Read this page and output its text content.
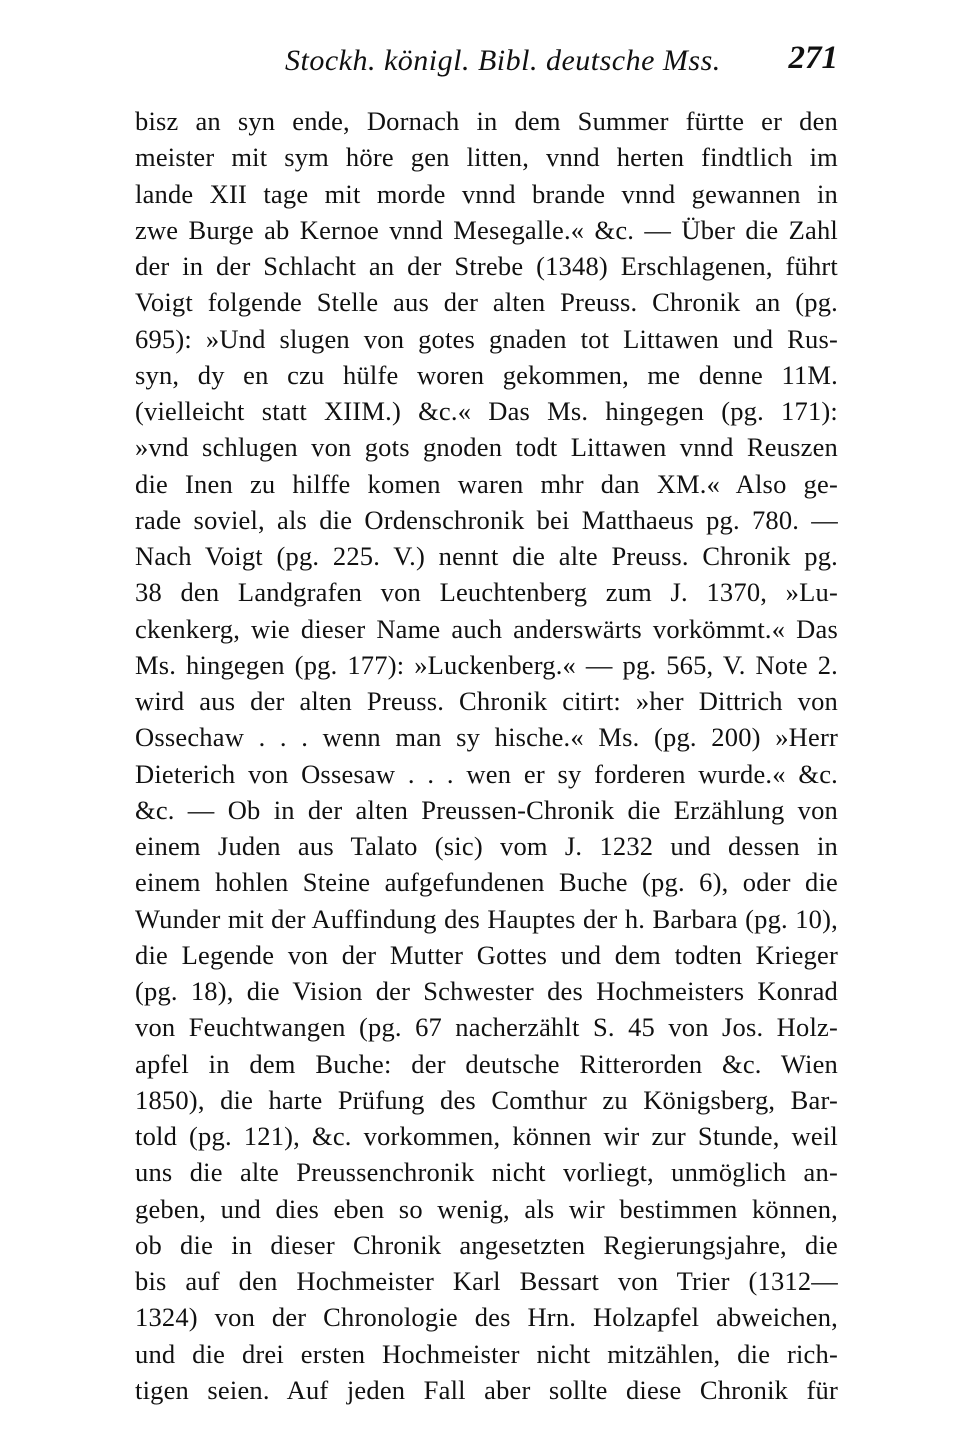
Stockh. königl. Bibl. deutsche Mss. 271
bisz an syn ende, Dornach in dem Summer fürtte er den
meister mit sym höre gen litten, vnnd herten findtlich im
lande XII tage mit morde vnnd brande vnnd gewannen in
zwe Burge ab Kernoe vnnd Mesegalle.« &c. — Über die Zahl
der in der Schlacht an der Strebe (1348) Erschlagenen, führt
Voigt folgende Stelle aus der alten Preuss. Chronik an (pg.
695): »Und slugen von gotes gnaden tot Littawen und Rus-
syn, dy en czu hülfe woren gekommen, me denne 11M.
(vielleicht statt XIIM.) &c.« Das Ms. hingegen (pg. 171):
»vnd schlugen von gots gnoden todt Littawen vnnd Reuszen
die Inen zu hilffe komen waren mhr dan XM.« Also ge-
rade soviel, als die Ordenschronik bei Matthaeus pg. 780. —
Nach Voigt (pg. 225. V.) nennt die alte Preuss. Chronik pg.
38 den Landgrafen von Leuchtenberg zum J. 1370, »Lu-
ckenkerg, wie dieser Name auch anderswärts vorkömmt.« Das
Ms. hingegen (pg. 177): »Luckenberg.« — pg. 565, V. Note 2.
wird aus der alten Preuss. Chronik citirt: »her Dittrich von
Ossechaw . . . wenn man sy hische.« Ms. (pg. 200) »Herr
Dieterich von Ossesaw . . . wen er sy forderen wurde.« &c.
&c. — Ob in der alten Preussen-Chronik die Erzählung von
einem Juden aus Talato (sic) vom J. 1232 und dessen in
einem hohlen Steine aufgefundenen Buche (pg. 6), oder die
Wunder mit der Auffindung des Hauptes der h. Barbara (pg. 10),
die Legende von der Mutter Gottes und dem todten Krieger
(pg. 18), die Vision der Schwester des Hochmeisters Konrad
von Feuchtwangen (pg. 67 nacherzählt S. 45 von Jos. Holz-
apfel in dem Buche: der deutsche Ritterorden &c. Wien
1850), die harte Prüfung des Comthur zu Königsberg, Bar-
told (pg. 121), &c. vorkommen, können wir zur Stunde, weil
uns die alte Preussenchronik nicht vorliegt, unmöglich an-
geben, und dies eben so wenig, als wir bestimmen können,
ob die in dieser Chronik angesetzten Regierungsjahre, die
bis auf den Hochmeister Karl Bessart von Trier (1312—
1324) von der Chronologie des Hrn. Holzapfel abweichen,
und die drei ersten Hochmeister nicht mitzählen, die rich-
tigen seien. Auf jeden Fall aber sollte diese Chronik für
